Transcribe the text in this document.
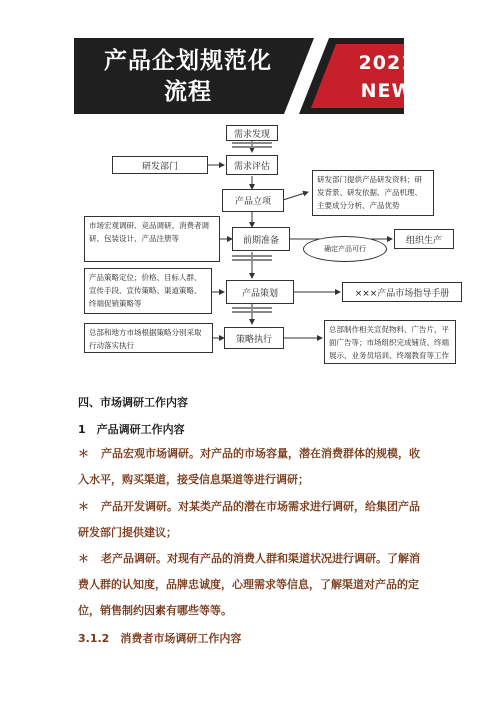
产品企划规范化
流程
2021
NEW
需求发现
研发部门	需求评估
产品立项
研发部门提供产品研发资料；研发背景、研发依据、产品机理、主要成分分析、产品优势
市场宏观调研、竞品调研、消费者调研、包装设计、产品注册等	前期准备
确定产品可行
组织生产
产品策略定位；价格、目标人群、宣传手段、宣传策略、渠道策略、终端促销策略等
产品策划	×××产品市场指导手册
总部和地方市场根据策略分别采取行动落实执行
策略执行
总部制作相关宣促物料、广告片，平面广告等；市场组织完成铺货、终端展示、业务员培训、终端教育等工作
四、市场调研工作内容
1　产品调研工作内容
＊ 产品宏观市场调研。对产品的市场容量，潜在消费群体的规模，收入水平，购买渠道，接受信息渠道等进行调研；
＊ 产品开发调研。对某类产品的潜在市场需求进行调研，给集团产品研发部门提供建议；
＊ 老产品调研。对现有产品的消费人群和渠道状况进行调研。了解消费人群的认知度，品牌忠诚度，心理需求等信息，了解渠道对产品的定位，销售制约因素有哪些等等。
3.1.2　消费者市场调研工作内容
